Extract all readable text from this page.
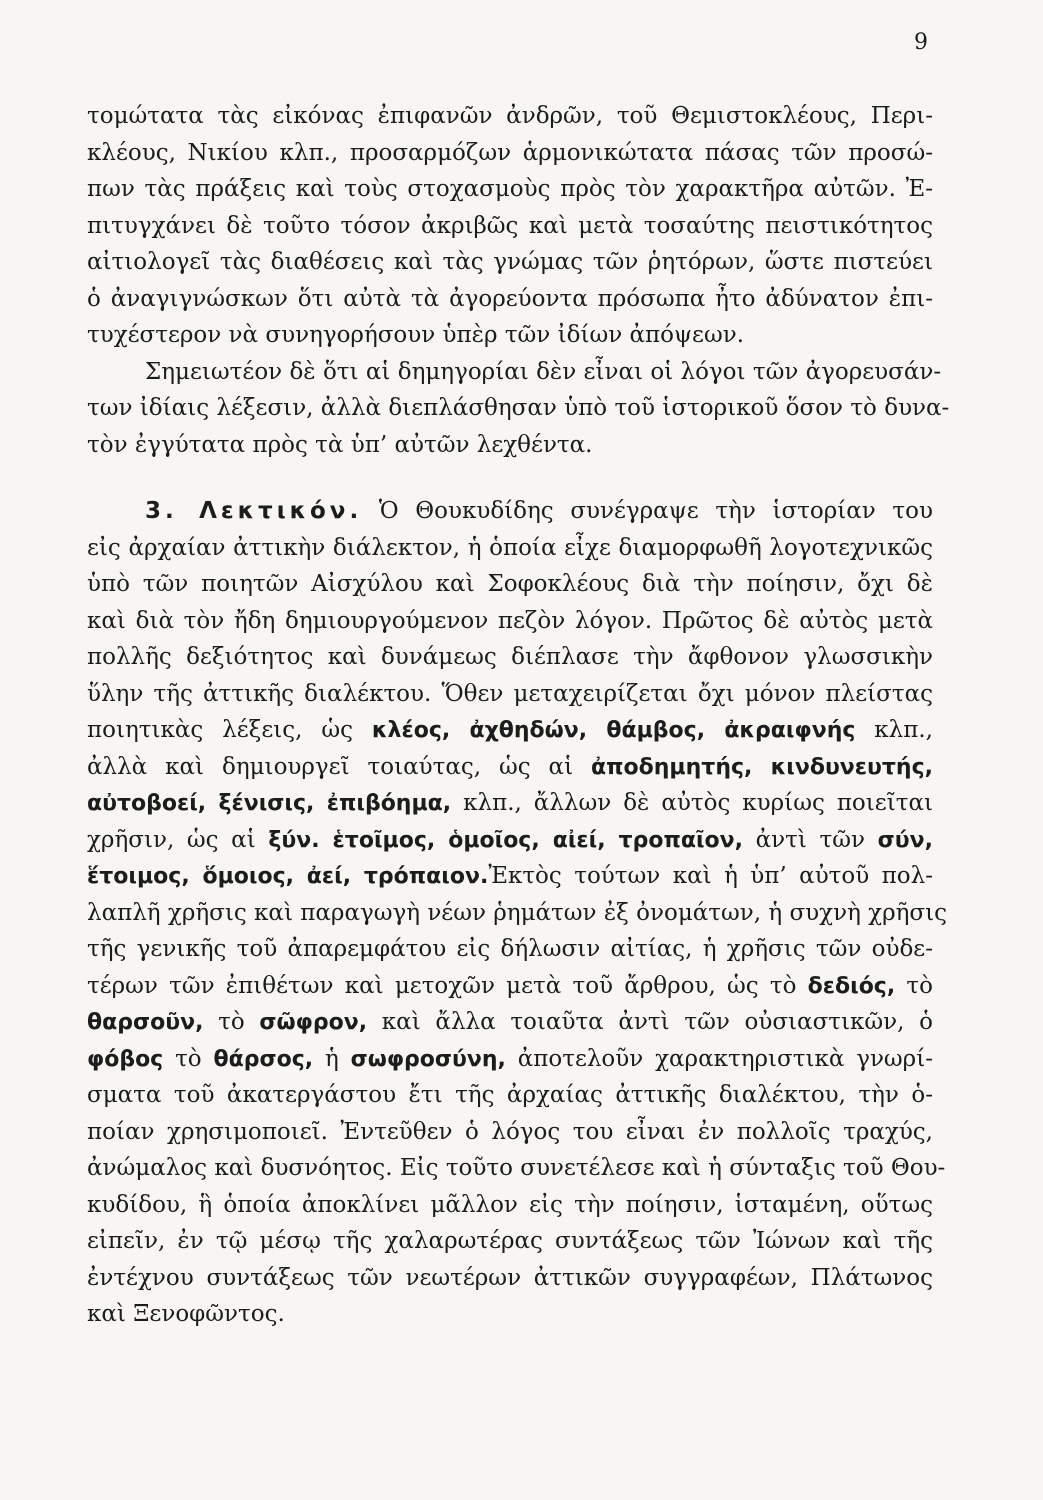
9
τομώτατα τὰς εἰκόνας ἐπιφανῶν ἀνδρῶν, τοῦ Θεμιστοκλέους, Περι-
κλέους, Νικίου κλπ., προσαρμόζων ἁρμονικώτατα πάσας τῶν προσώ-
πων τὰς πράξεις καὶ τοὺς στοχασμοὺς πρὸς τὸν χαρακτῆρα αὐτῶν. Ἐ-
πιτυγχάνει δὲ τοῦτο τόσον ἀκριβῶς καὶ μετὰ τοσαύτης πειστικότητος
αἰτιολογεῖ τὰς διαθέσεις καὶ τὰς γνώμας τῶν ῥητόρων, ὥστε πιστεύει
ὁ ἀναγιγνώσκων ὅτι αὐτὰ τὰ ἀγορεύοντα πρόσωπα ἦτο ἀδύνατον ἐπι-
τυχέστερον νὰ συνηγορήσουν ὑπὲρ τῶν ἰδίων ἀπόψεων.
Σημειωτέον δὲ ὅτι αἱ δημηγορίαι δὲν εἶναι οἱ λόγοι τῶν ἀγορευσάν-
των ἰδίαις λέξεσιν, ἀλλὰ διεπλάσθησαν ὑπὸ τοῦ ἱστορικοῦ ὅσον τὸ δυνα-
τὸν ἐγγύτατα πρὸς τὰ ὑπ’ αὐτῶν λεχθέντα.
3. Λεκτικόν. Ὁ Θουκυδίδης συνέγραψε τὴν ἱστορίαν του
εἰς ἀρχαίαν ἀττικὴν διάλεκτον, ἡ ὁποία εἶχε διαμορφωθῆ λογοτεχνικῶς
ὑπὸ τῶν ποιητῶν Αἰσχύλου καὶ Σοφοκλέους διὰ τὴν ποίησιν, ὄχι δὲ
καὶ διὰ τὸν ἤδη δημιουργούμενον πεζὸν λόγον. Πρῶτος δὲ αὐτὸς μετὰ
πολλῆς δεξιότητος καὶ δυνάμεως διέπλασε τὴν ἄφθονον γλωσσικὴν
ὕλην τῆς ἀττικῆς διαλέκτου. Ὅθεν μεταχειρίζεται ὄχι μόνον πλείστας
ποιητικὰς λέξεις, ὡς κλέος, ἀχθηδών, θάμβος, ἀκραιφνής κλπ.,
ἀλλὰ καὶ δημιουργεῖ τοιαύτας, ὡς αἱ ἀποδημητής, κινδυνευτής,
αὐτοβοεί, ξένισις, ἐπιβόημα, κλπ., ἄλλων δὲ αὐτὸς κυρίως ποιεῖται
χρῆσιν, ὡς αἱ ξύν. ἑτοῖμος, ὁμοῖος, αἰεί, τροπαῖον, ἀντὶ τῶν σύν,
ἕτοιμος, ὅμοιος, ἀεί, τρόπαιον.Ἐκτὸς τούτων καὶ ἡ ὑπ’ αὐτοῦ πολ-
λαπλῆ χρῆσις καὶ παραγωγὴ νέων ῥημάτων ἐξ ὀνομάτων, ἡ συχνὴ χρῆσις
τῆς γενικῆς τοῦ ἀπαρεμφάτου εἰς δήλωσιν αἰτίας, ἡ χρῆσις τῶν οὐδε-
τέρων τῶν ἐπιθέτων καὶ μετοχῶν μετὰ τοῦ ἄρθρου, ὡς τὸ δεδιός, τὸ
θαρσοῦν, τὸ σῶφρον, καὶ ἄλλα τοιαῦτα ἀντὶ τῶν οὐσιαστικῶν, ὁ
φόβος τὸ θάρσος, ἡ σωφροσύνη, ἀποτελοῦν χαρακτηριστικὰ γνωρί-
σματα τοῦ ἀκατεργάστου ἔτι τῆς ἀρχαίας ἀττικῆς διαλέκτου, τὴν ὁ-
ποίαν χρησιμοποιεῖ. Ἐντεῦθεν ὁ λόγος του εἶναι ἐν πολλοῖς τραχύς,
ἀνώμαλος καὶ δυσνόητος. Εἰς τοῦτο συνετέλεσε καὶ ἡ σύνταξις τοῦ Θου-
κυδίδου, ἣ ὁποία ἀποκλίνει μᾶλλον εἰς τὴν ποίησιν, ἱσταμένη, οὕτως
εἰπεῖν, ἐν τῷ μέσῳ τῆς χαλαρωτέρας συντάξεως τῶν Ἰώνων καὶ τῆς
ἐντέχνου συντάξεως τῶν νεωτέρων ἀττικῶν συγγραφέων, Πλάτωνος
καὶ Ξενοφῶντος.
